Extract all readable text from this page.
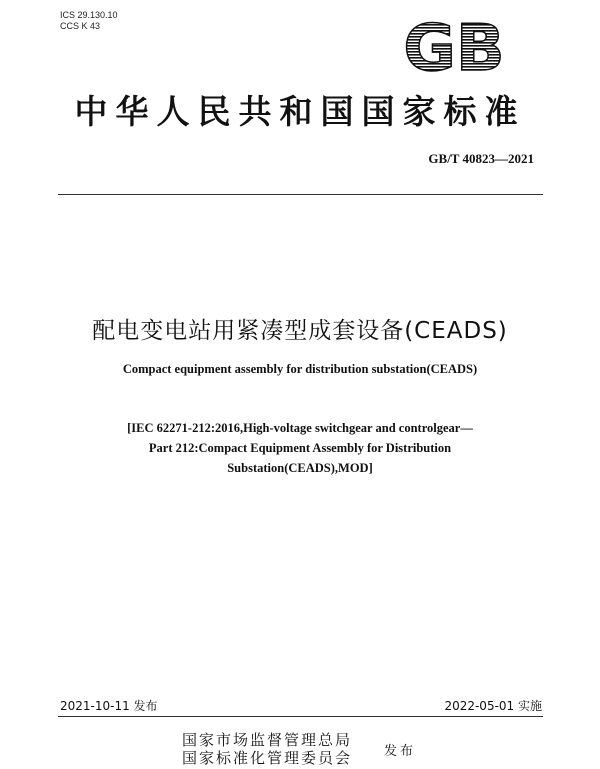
ICS 29.130.10
CCS K 43	GB
中华人民共和国国家标准
GB/T 40823—2021
配电变电站用紧凑型成套设备(CEADS)
Compact equipment assembly for distribution substation(CEADS)
[IEC 62271-212:2016,High-voltage switchgear and controlgear—
Part 212:Compact Equipment Assembly for Distribution
Substation(CEADS),MOD]
2021-10-11 发布	2022-05-01 实施
国家市场监督管理总局
国家标准化管理委员会 发布
